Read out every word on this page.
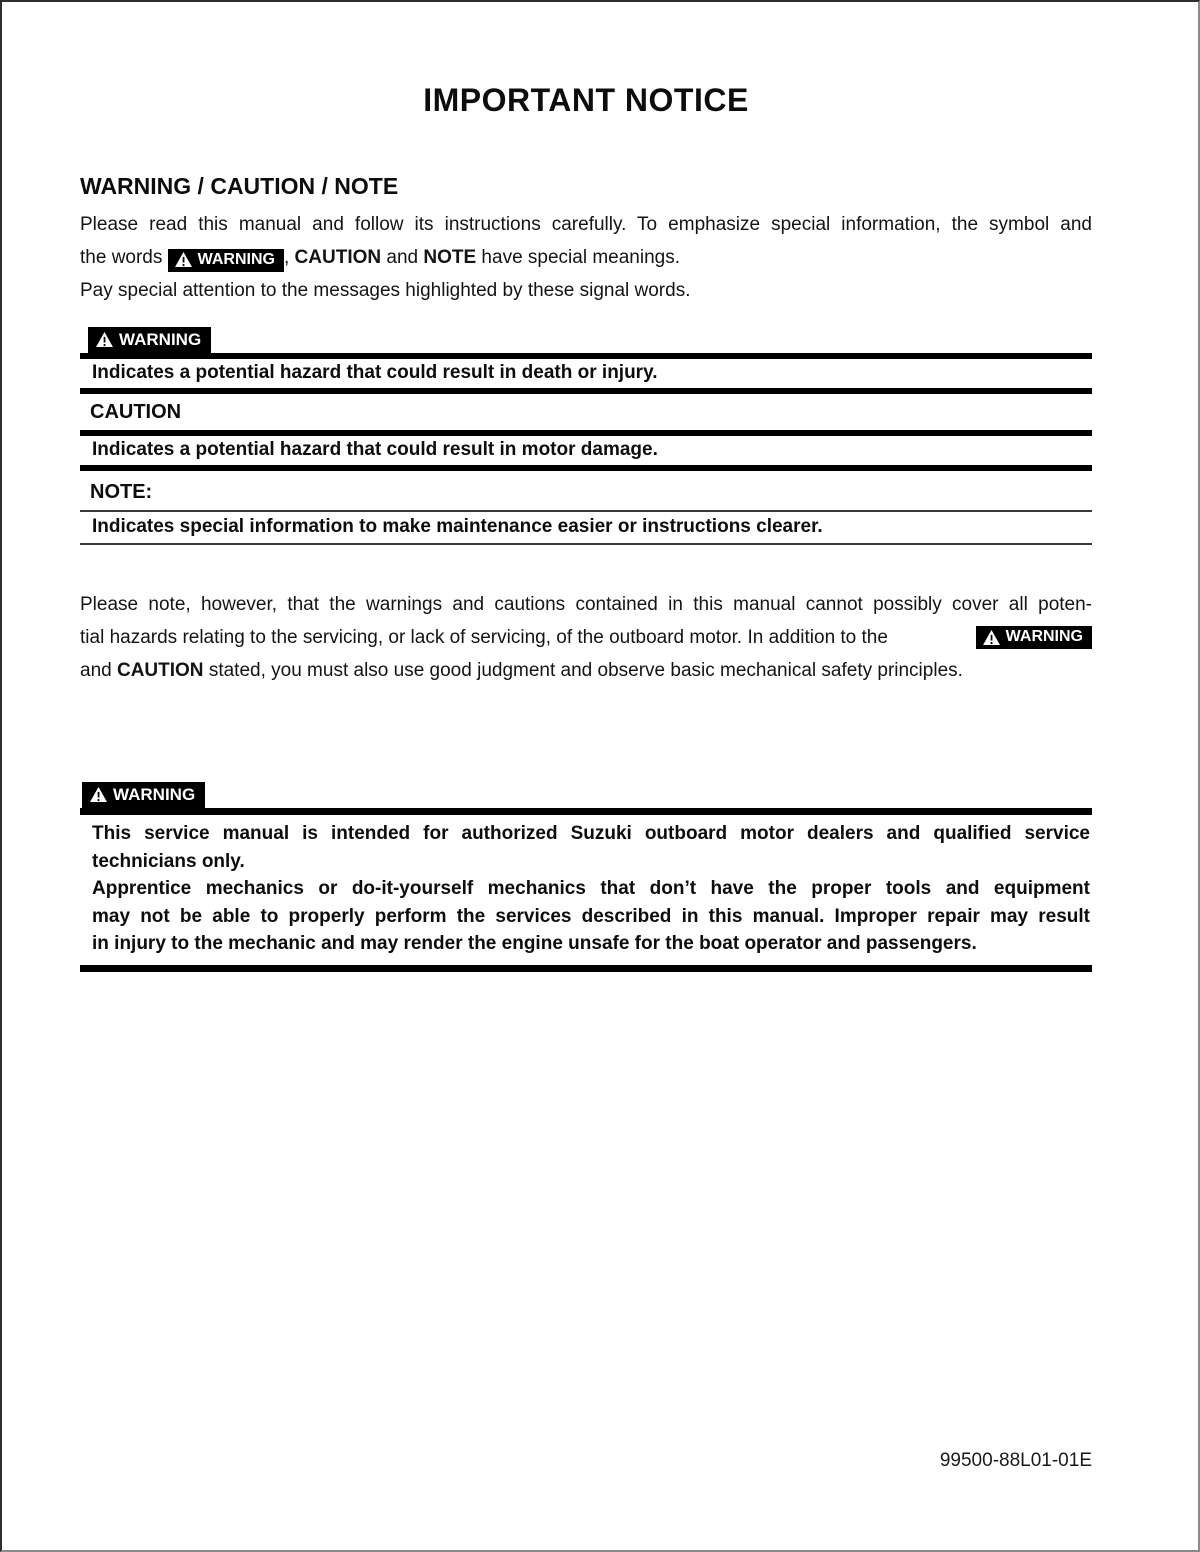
IMPORTANT NOTICE
WARNING / CAUTION / NOTE
Please read this manual and follow its instructions carefully. To emphasize special information, the symbol and
the words WARNING , CAUTION and NOTE have special meanings.
Pay special attention to the messages highlighted by these signal words.
WARNING
Indicates a potential hazard that could result in death or injury.
CAUTION
Indicates a potential hazard that could result in motor damage.
NOTE:
Indicates special information to make maintenance easier or instructions clearer.
Please note, however, that the warnings and cautions contained in this manual cannot possibly cover all poten-
tial hazards relating to the servicing, or lack of servicing, of the outboard motor. In addition to the	WARNING
and CAUTION stated, you must also use good judgment and observe basic mechanical safety principles.
WARNING
This service manual is intended for authorized Suzuki outboard motor dealers and qualified service
technicians only.
Apprentice mechanics or do-it-yourself mechanics that don’t have the proper tools and equipment
may not be able to properly perform the services described in this manual. Improper repair may result
in injury to the mechanic and may render the engine unsafe for the boat operator and passengers.
99500-88L01-01E
